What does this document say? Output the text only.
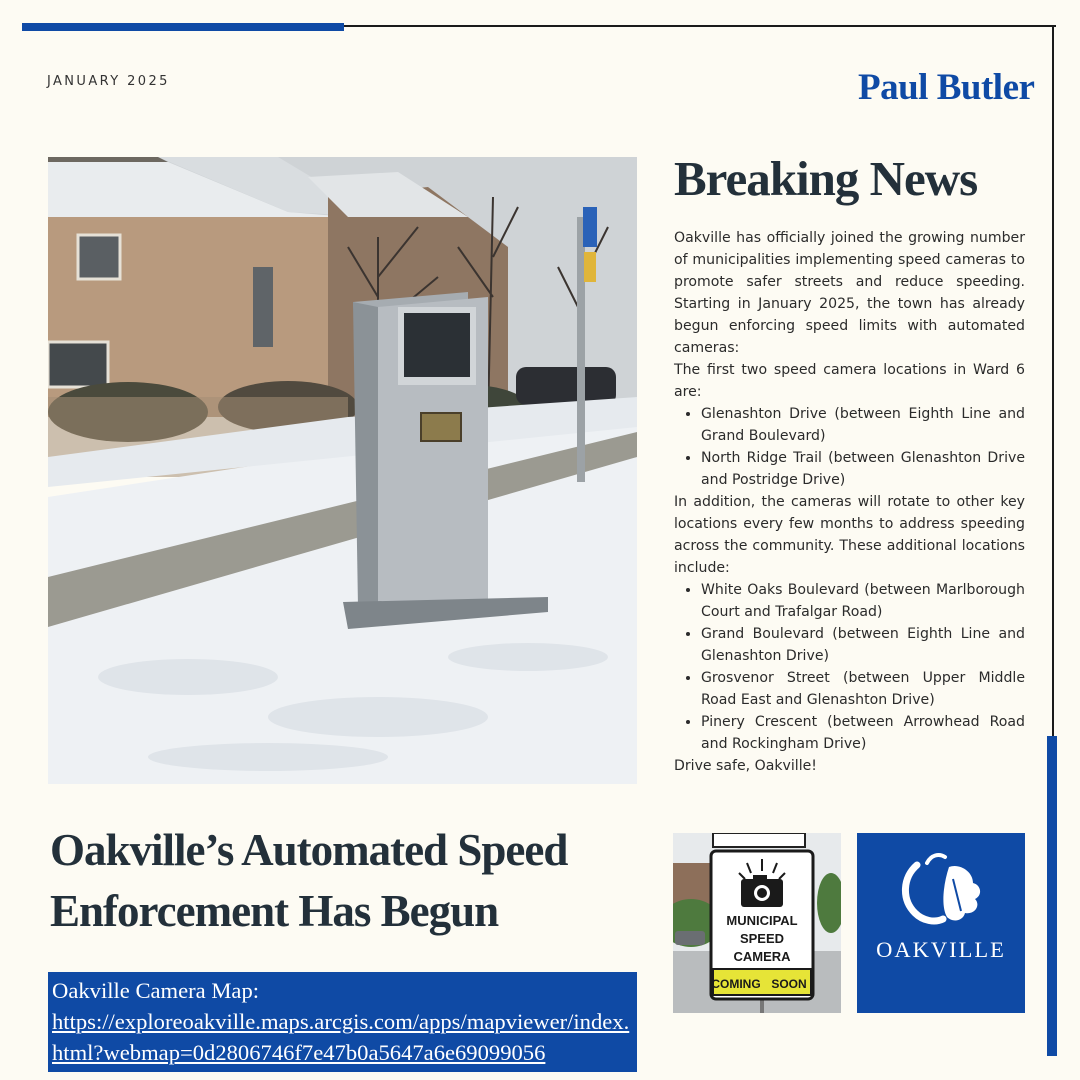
JANUARY 2025	Paul Butler
Breaking News

Oakville has officially joined the growing number of municipalities implementing speed cameras to promote safer streets and reduce speeding. Starting in January 2025, the town has already begun enforcing speed limits with automated cameras:

The first two speed camera locations in Ward 6 are:

• Glenashton Drive (between Eighth Line and Grand Boulevard)
• North Ridge Trail (between Glenashton Drive and Postridge Drive)

In addition, the cameras will rotate to other key locations every few months to address speeding across the community. These additional locations include:

• White Oaks Boulevard (between Marlborough Court and Trafalgar Road)
• Grand Boulevard (between Eighth Line and Glenashton Drive)
• Grosvenor Street (between Upper Middle Road East and Glenashton Drive)
• Pinery Crescent (between Arrowhead Road and Rockingham Drive)

Drive safe, Oakville!

Oakville’s Automated Speed
Enforcement Has Begun
Oakville Camera Map:
https://exploreoakville.maps.arcgis.com/apps/mapviewer/index.html?webmap=0d2806746f7e47b0a5647a6e69099056
MUNICIPAL
SPEED
CAMERA
COMING SOON
OAKVILLE
